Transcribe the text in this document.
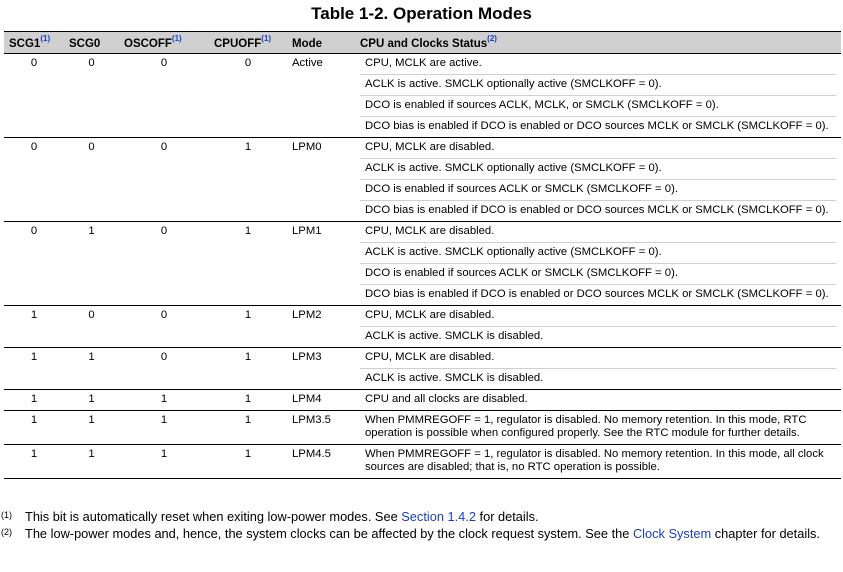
Table 1-2. Operation Modes
SCG1$^{(1)}$	SCG0	OSCOFF$^{(1)}$	CPUOFF$^{(1)}$	Mode	CPU and Clocks Status$^{(2)}$

0	0	0	0	Active	CPU, MCLK are active.
ACLK is active. SMCLK optionally active (SMCLKOFF = 0).
DCO is enabled if sources ACLK, MCLK, or SMCLK (SMCLKOFF = 0).
DCO bias is enabled if DCO is enabled or DCO sources MCLK or SMCLK (SMCLKOFF = 0).

0	0	0	1	LPM0	CPU, MCLK are disabled.
ACLK is active. SMCLK optionally active (SMCLKOFF = 0).
DCO is enabled if sources ACLK or SMCLK (SMCLKOFF = 0).
DCO bias is enabled if DCO is enabled or DCO sources MCLK or SMCLK (SMCLKOFF = 0).

0	1	0	1	LPM1	CPU, MCLK are disabled.
ACLK is active. SMCLK optionally active (SMCLKOFF = 0).
DCO is enabled if sources ACLK or SMCLK (SMCLKOFF = 0).
DCO bias is enabled if DCO is enabled or DCO sources MCLK or SMCLK (SMCLKOFF = 0).

1	0	0	1	LPM2	CPU, MCLK are disabled.
ACLK is active. SMCLK is disabled.

1	1	0	1	LPM3	CPU, MCLK are disabled.
ACLK is active. SMCLK is disabled.

1	1	1	1	LPM4	CPU and all clocks are disabled.

1	1	1	1	LPM3.5	When PMMREGOFF = 1, regulator is disabled. No memory retention. In this mode, RTC operation is possible when configured properly. See the RTC module for further details.

1	1	1	1	LPM4.5	When PMMREGOFF = 1, regulator is disabled. No memory retention. In this mode, all clock sources are disabled; that is, no RTC operation is possible.
(1)	This bit is automatically reset when exiting low-power modes. See Section 1.4.2 for details.
(2)	The low-power modes and, hence, the system clocks can be affected by the clock request system. See the Clock System chapter for details.
